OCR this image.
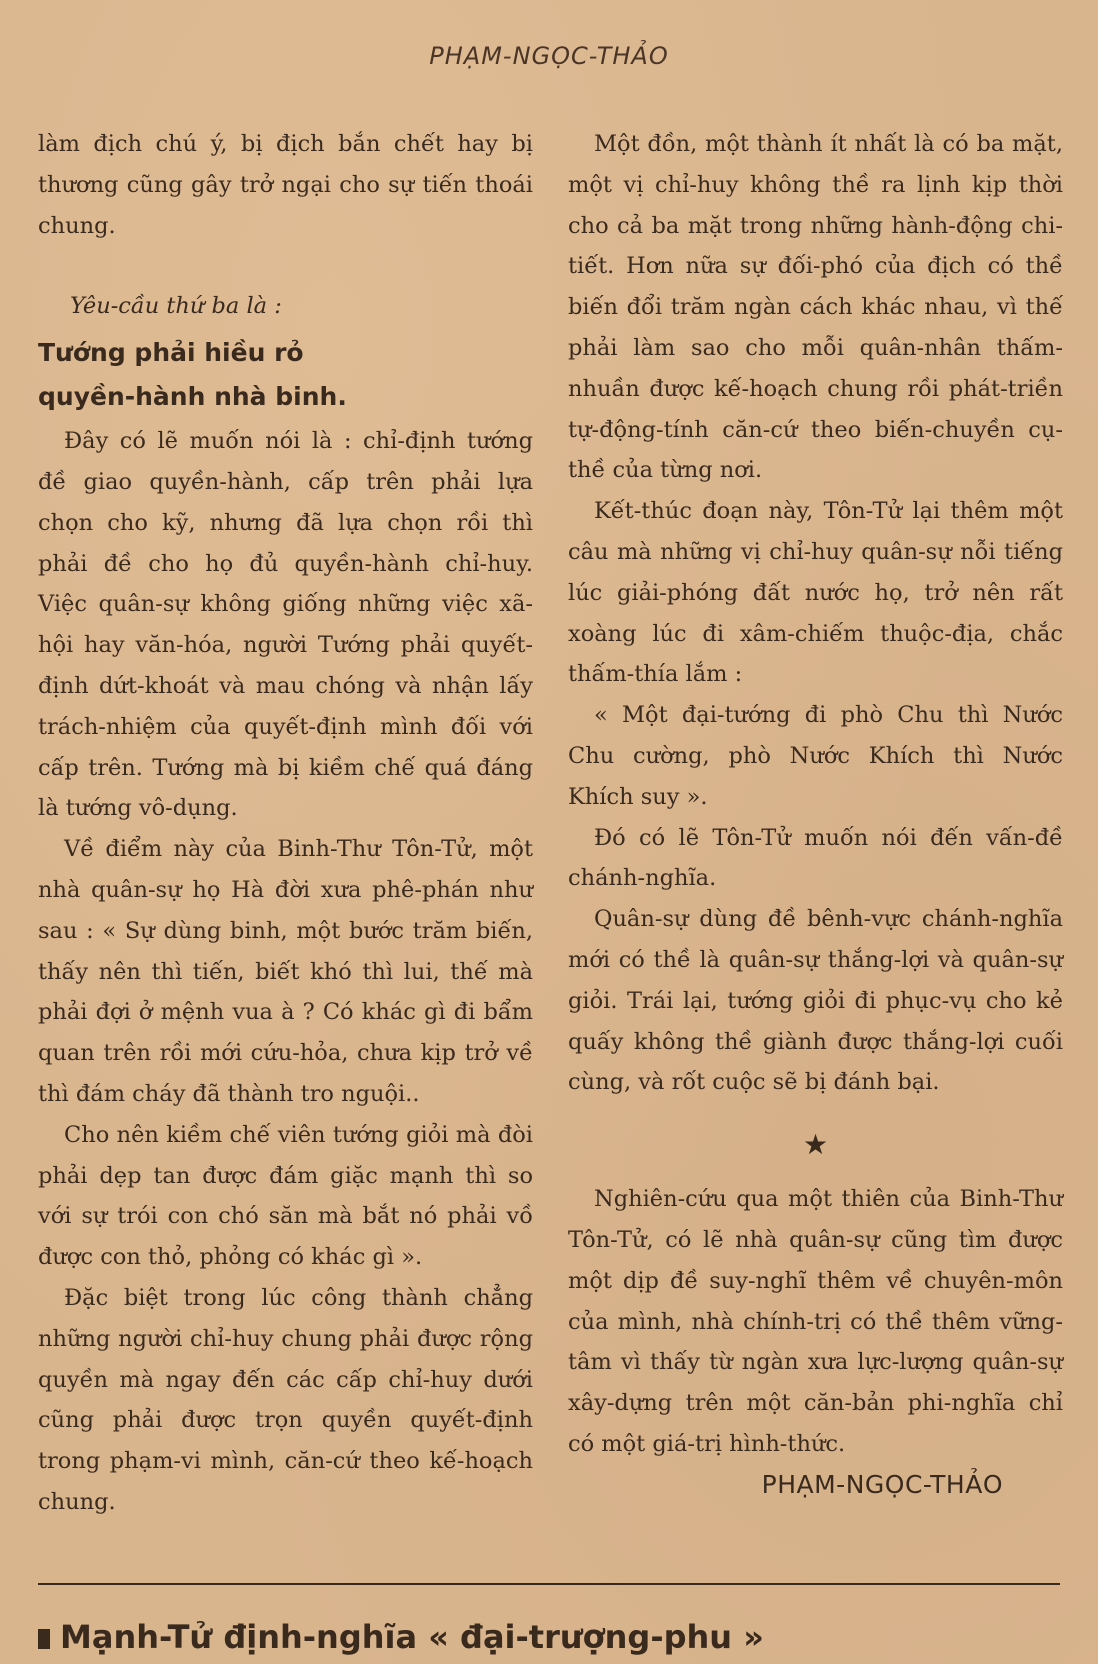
PHẠM-NGỌC-THẢO

làm địch chú ý, bị địch bắn chết hay bị thương cũng gây trở ngại cho sự tiến thoái chung.

Yêu-cầu thứ ba là :

Tướng phải hiều rỏ
quyền-hành nhà binh.

Đây có lẽ muốn nói là : chỉ-định tướng đề giao quyền-hành, cấp trên phải lựa chọn cho kỹ, nhưng đã lựa chọn rồi thì phải đề cho họ đủ quyền-hành chỉ-huy. Việc quân-sự không giống những việc xã-hội hay văn-hóa, người Tướng phải quyết-định dứt-khoát và mau chóng và nhận lấy trách-nhiệm của quyết-định mình đối với cấp trên. Tướng mà bị kiềm chế quá đáng là tướng vô-dụng.

Về điểm này của Binh-Thư Tôn-Tử, một nhà quân-sự họ Hà đời xưa phê-phán như sau : « Sự dùng binh, một bước trăm biến, thấy nên thì tiến, biết khó thì lui, thế mà phải đợi ở mệnh vua à ? Có khác gì đi bẩm quan trên rồi mới cứu-hỏa, chưa kịp trở về thì đám cháy đã thành tro nguội..

Cho nên kiềm chế viên tướng giỏi mà đòi phải dẹp tan được đám giặc mạnh thì so với sự trói con chó săn mà bắt nó phải vồ được con thỏ, phỏng có khác gì ».

Đặc biệt trong lúc công thành chẳng những người chỉ-huy chung phải được rộng quyền mà ngay đến các cấp chỉ-huy dưới cũng phải được trọn quyền quyết-định trong phạm-vi mình, căn-cứ theo kế-hoạch chung.

Một đồn, một thành ít nhất là có ba mặt, một vị chỉ-huy không thề ra lịnh kịp thời cho cả ba mặt trong những hành-động chi-tiết. Hơn nữa sự đối-phó của địch có thề biến đổi trăm ngàn cách khác nhau, vì thế phải làm sao cho mỗi quân-nhân thấm-nhuần được kế-hoạch chung rồi phát-triền tự-động-tính căn-cứ theo biến-chuyền cụ-thề của từng nơi.

Kết-thúc đoạn này, Tôn-Tử lại thêm một câu mà những vị chỉ-huy quân-sự nỗi tiếng lúc giải-phóng đất nước họ, trở nên rất xoàng lúc đi xâm-chiếm thuộc-địa, chắc thấm-thía lắm :

« Một đại-tướng đi phò Chu thì Nước Chu cường, phò Nước Khích thì Nước Khích suy ».

Đó có lẽ Tôn-Tử muốn nói đến vấn-đề chánh-nghĩa.

Quân-sự dùng đề bênh-vực chánh-nghĩa mới có thề là quân-sự thắng-lợi và quân-sự giỏi. Trái lại, tướng giỏi đi phục-vụ cho kẻ quấy không thề giành được thắng-lợi cuối cùng, và rốt cuộc sẽ bị đánh bại.

★

Nghiên-cứu qua một thiên của Binh-Thư Tôn-Tử, có lẽ nhà quân-sự cũng tìm được một dịp đề suy-nghĩ thêm về chuyên-môn của mình, nhà chính-trị có thề thêm vững-tâm vì thấy từ ngàn xưa lực-lượng quân-sự xây-dựng trên một căn-bản phi-nghĩa chỉ có một giá-trị hình-thức.

PHẠM-NGỌC-THẢO

Mạnh-Tử định-nghĩa « đại-trượng-phu »
